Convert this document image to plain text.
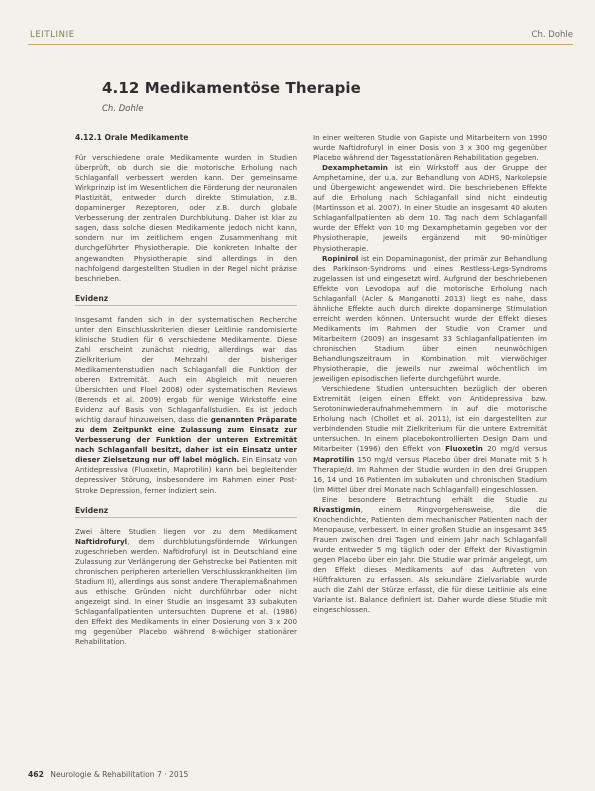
LEITLINIE	Ch. Dohle
4.12 Medikamentöse Therapie
Ch. Dohle
4.12.1 Orale Medikamente

Für verschiedene orale Medikamente wurden in Studien überprüft, ob durch sie die motorische Erholung nach Schlaganfall verbessert werden kann. Der gemeinsame Wirkprinzip ist im Wesentlichen die Förderung der neuronalen Plastizität, entweder durch direkte Stimulation, z.B. dopaminerger Rezeptoren, oder z.B. durch globale Verbesserung der zentralen Durchblutung. Daher ist klar zu sagen, dass solche diesen Medikamente jedoch nicht kann, sondern nur im zeitlichem engen Zusammenhang mit durchgeführter Physiotherapie. Die konkreten Inhalte der angewandten Physiotherapie sind allerdings in den nachfolgend dargestellten Studien in der Regel nicht präzise beschrieben.

Evidenz

Insgesamt fanden sich in der systematischen Recherche unter den Einschlusskriterien dieser Leitlinie randomisierte klinische Studien für 6 verschiedene Medikamente. Diese Zahl erscheint zunächst niedrig, allerdings war das Zielkriterium der Mehrzahl der bisheriger Medikamentenstudien nach Schlaganfall die Funktion der oberen Extremität. Auch ein Abgleich mit neueren Übersichten und Floel 2008) oder systematischen Reviews (Berends et al. 2009) ergab für wenige Wirkstoffe eine Evidenz auf Basis von Schlaganfallstudien. Es ist jedoch wichtig darauf hinzuweisen, dass die genannten Präparate zu dem Zeitpunkt eine Zulassung zum Einsatz zur Verbesserung der Funktion der unteren Extremität nach Schlaganfall besitzt, daher ist ein Einsatz unter dieser Zielsetzung nur off label möglich. Ein Einsatz von Antidepressiva (Fluoxetin, Maprotilin) kann bei begleitender depressiver Störung, insbesondere im Rahmen einer Post-Stroke Depression, ferner indiziert sein.

Evidenz

Zwei ältere Studien liegen vor zu dem Medikament Naftidrofuryl, dem durchblutungsfördernde Wirkungen zugeschrieben werden. Naftidrofuryl ist in Deutschland eine Zulassung zur Verlängerung der Gehstrecke bei Patienten mit chronischen peripheren arteriellen Verschlusskrankheiten (im Stadium II), allerdings aus sonst andere Therapiemaßnahmen aus ethische Gründen nicht durchführbar oder nicht angezeigt sind. In einer Studie an insgesamt 33 subakuten Schlaganfallpatienten untersuchten Duprene et al. (1986) den Effekt des Medikaments in einer Dosierung von 3 x 200 mg gegenüber Placebo während 8-wöchiger stationärer Rehabilitation.

In einer weiteren Studie von Gapiste und Mitarbeitern von 1990 wurde Naftidrofuryl in einer Dosis von 3 x 300 mg gegenüber Placebo während der Tagesstationären Rehabilitation gegeben.

Dexamphetamin ist ein Wirkstoff aus der Gruppe der Amphetamine, der u.a. zur Behandlung von ADHS, Narkolepsie und Übergewicht angewendet wird. Die beschriebenen Effekte auf die Erholung nach Schlaganfall sind nicht eindeutig (Martinsson et al. 2007). In einer Studie an insgesamt 40 akuten Schlaganfallpatienten ab dem 10. Tag nach dem Schlaganfall wurde der Effekt von 10 mg Dexamphetamin gegeben vor der Physiotherapie, jeweils ergänzend mit 90-minütiger Physiotherapie.

Ropinirol ist ein Dopaminagonist, der primär zur Behandlung des Parkinson-Syndroms und eines Restless-Legs-Syndroms zugelassen ist und eingesetzt wird. Aufgrund der beschriebenen Effekte von Levodopa auf die motorische Erholung nach Schlaganfall (Acler & Manganotti 2013) liegt es nahe, dass ähnliche Effekte auch durch direkte dopaminerge Stimulation erreicht werden können. Untersucht wurde der Effekt dieses Medikaments im Rahmen der Studie von Cramer und Mitarbeitern (2009) an insgesamt 33 Schlaganfallpatienten im chronischen Stadium über einen neunwöchigen Behandlungszeitraum in Kombination mit vierwöchiger Physiotherapie, die jeweils nur zweimal wöchentlich im jeweiligen episodischen lieferte durchgeführt wurde.

Verschiedene Studien untersuchten bezüglich der oberen Extremität (eigen einen Effekt von Antidepressiva bzw. Serotoninwiederaufnahmehemmern in auf die motorische Erholung nach (Chollet et al. 2011), ist ein dargestellten zur verbindenden Studie mit Zielkriterium für die untere Extremität untersuchen. In einem placebokontrollierten Design Dam und Mitarbeiter (1996) den Effekt von Fluoxetin 20 mg/d versus Maprotilin 150 mg/d versus Placebo über drei Monate mit 5 h Therapie/d. Im Rahmen der Studie wurden in den drei Gruppen 16, 14 und 16 Patienten im subakuten und chronischen Stadium (im Mittel über drei Monate nach Schlaganfall) eingeschlossen.

Eine besondere Betrachtung erhält die Studie zu Rivastigmin, einem Ringvorgehensweise, die die Knochendichte, Patienten dem mechanischer Patienten nach der Menopause, verbessert. In einer großen Studie an insgesamt 345 Frauen zwischen drei Tagen und einem Jahr nach Schlaganfall wurde entweder 5 mg täglich oder der Effekt der Rivastigmin gegen Placebo über ein Jahr. Die Studie war primär angelegt, um den Effekt dieses Medikaments auf das Auftreten von Hüftfrakturen zu erfassen. Als sekundäre Zielvariable wurde auch die Zahl der Stürze erfasst, die für diese Leitlinie als eine Variante ist. Balance definiert ist. Daher wurde diese Studie mit eingeschlossen.

462 Neurologie & Rehabilitation 7 · 2015
